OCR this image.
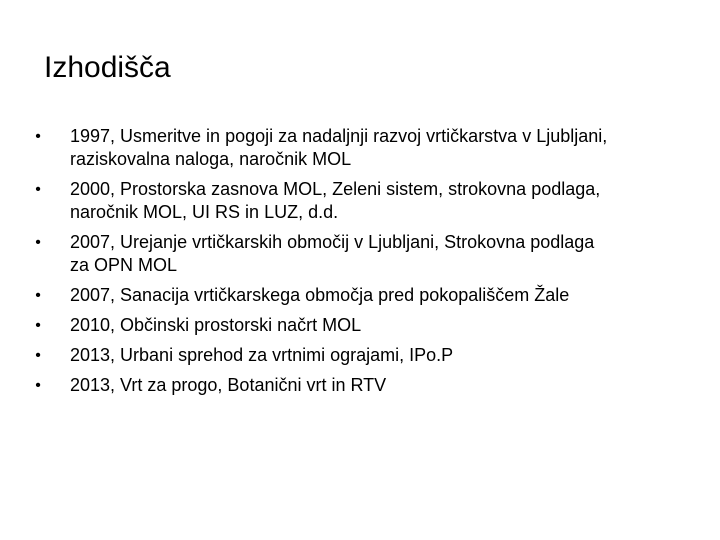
Izhodišča
• 1997, Usmeritve in pogoji za nadaljnji razvoj vrtičkarstva v Ljubljani,
raziskovalna naloga, naročnik MOL
• 2000, Prostorska zasnova MOL, Zeleni sistem, strokovna podlaga,
naročnik MOL, UI RS in LUZ, d.d.
• 2007, Urejanje vrtičkarskih območij v Ljubljani, Strokovna podlaga
za OPN MOL
• 2007, Sanacija vrtičkarskega območja pred pokopališčem Žale
• 2010, Občinski prostorski načrt MOL
• 2013, Urbani sprehod za vrtnimi ograjami, IPo.P
• 2013, Vrt za progo, Botanični vrt in RTV
